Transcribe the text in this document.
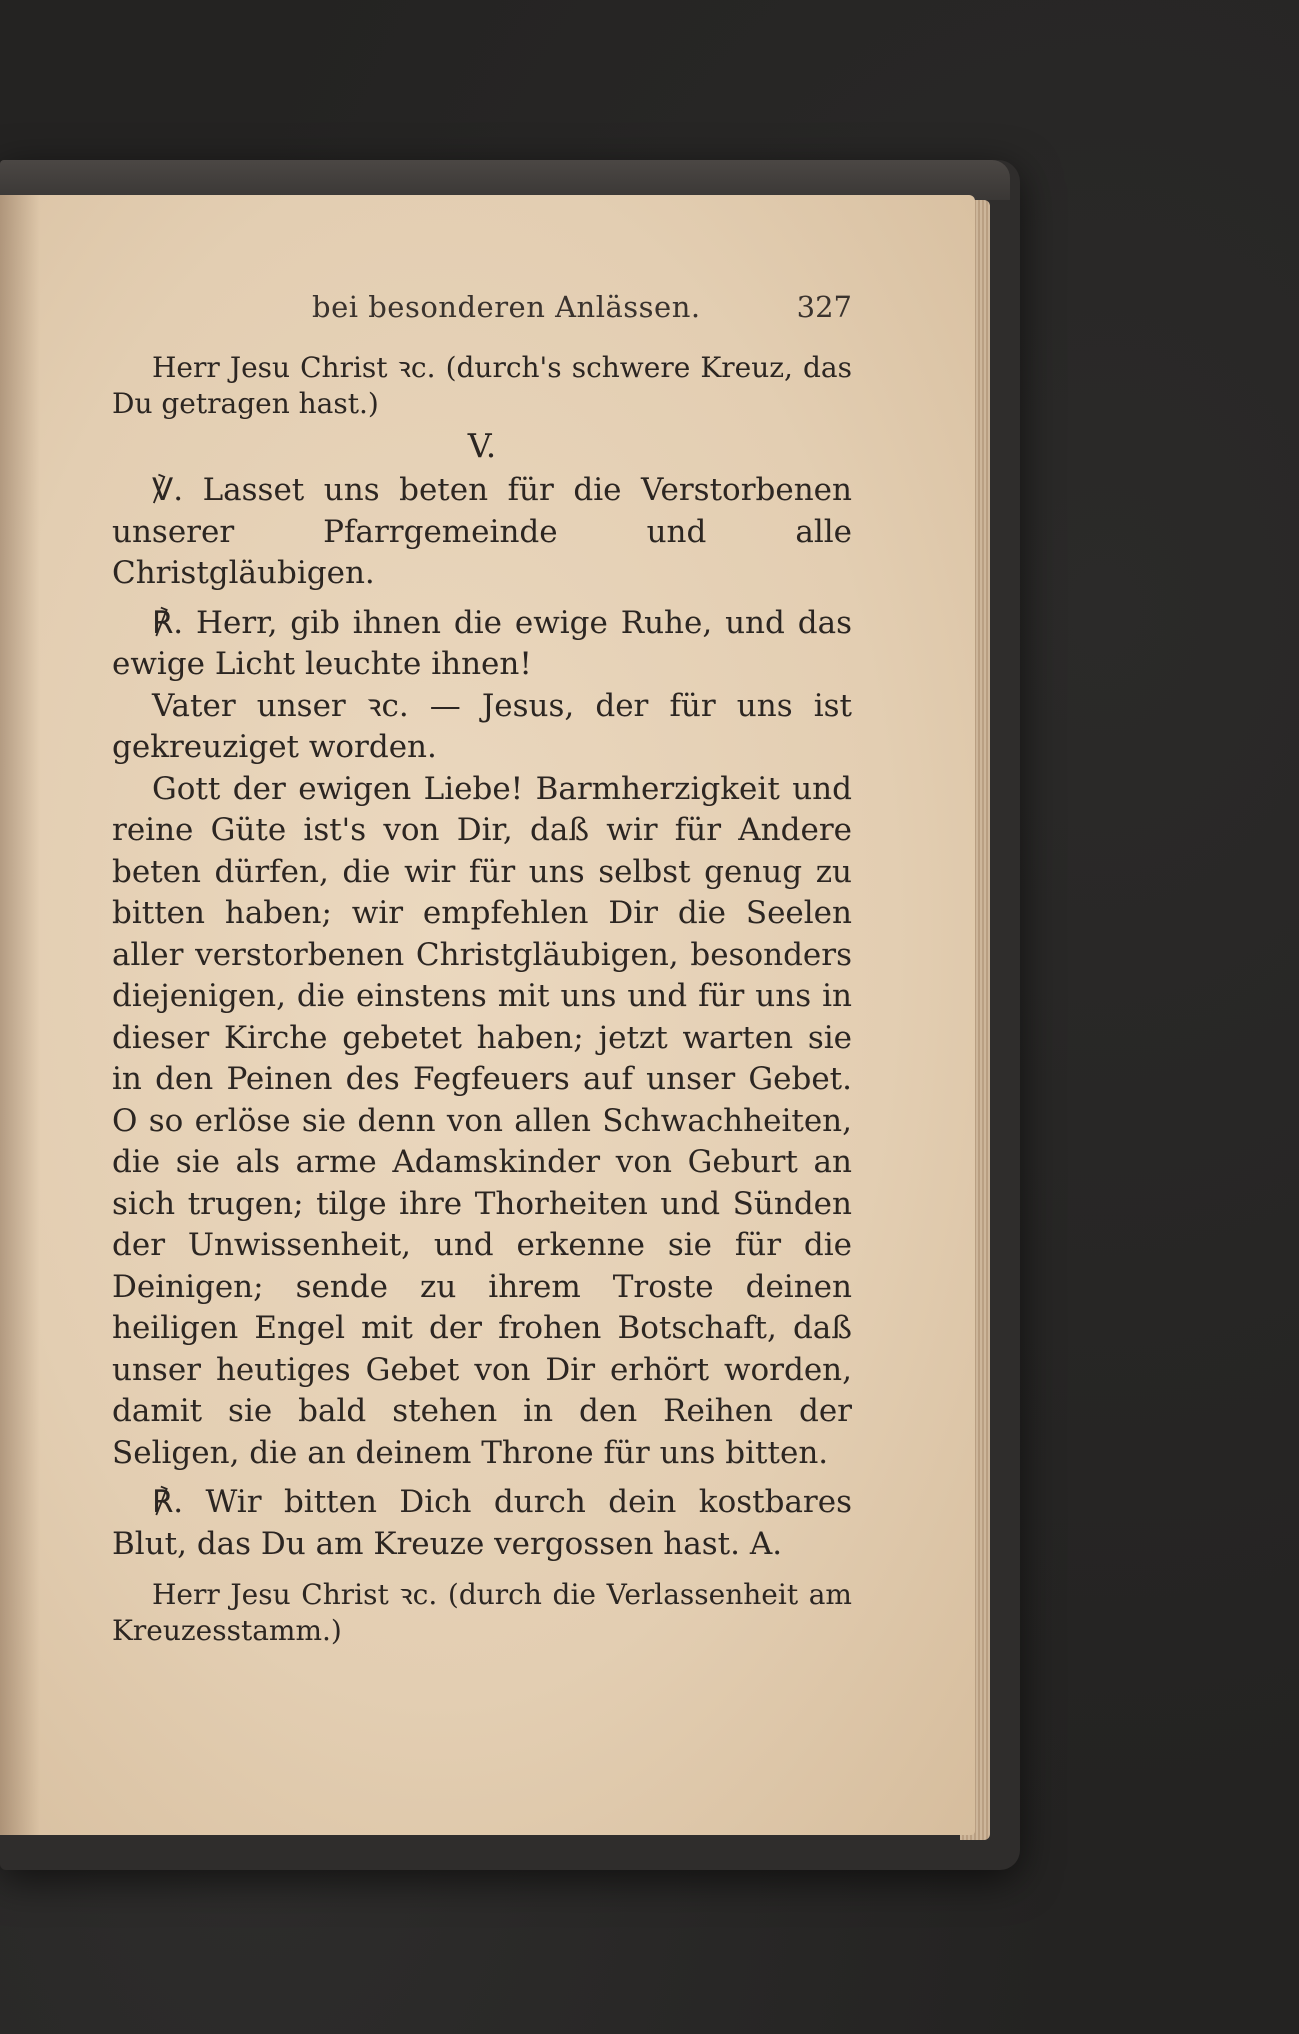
bei besonderen Anlässen.	327

Herr Jesu Christ ꝛc. (durch's schwere Kreuz, das Du getragen hast.)

V.

℣. Lasset uns beten für die Verstorbenen unserer Pfarrgemeinde und alle Christgläubigen.

℟. Herr, gib ihnen die ewige Ruhe, und das ewige Licht leuchte ihnen!

Vater unser ꝛc. — Jesus, der für uns ist gekreuziget worden.

Gott der ewigen Liebe! Barmherzigkeit und reine Güte ist's von Dir, daß wir für Andere beten dürfen, die wir für uns selbst genug zu bitten haben; wir empfehlen Dir die Seelen aller verstorbenen Christgläubigen, besonders diejenigen, die einstens mit uns und für uns in dieser Kirche gebetet haben; jetzt warten sie in den Peinen des Fegfeuers auf unser Gebet. O so erlöse sie denn von allen Schwachheiten, die sie als arme Adamskinder von Geburt an sich trugen; tilge ihre Thorheiten und Sünden der Unwissenheit, und erkenne sie für die Deinigen; sende zu ihrem Troste deinen heiligen Engel mit der frohen Botschaft, daß unser heutiges Gebet von Dir erhört worden, damit sie bald stehen in den Reihen der Seligen, die an deinem Throne für uns bitten.

℟. Wir bitten Dich durch dein kostbares Blut, das Du am Kreuze vergossen hast. A.

Herr Jesu Christ ꝛc. (durch die Verlassenheit am Kreuzesstamm.)
